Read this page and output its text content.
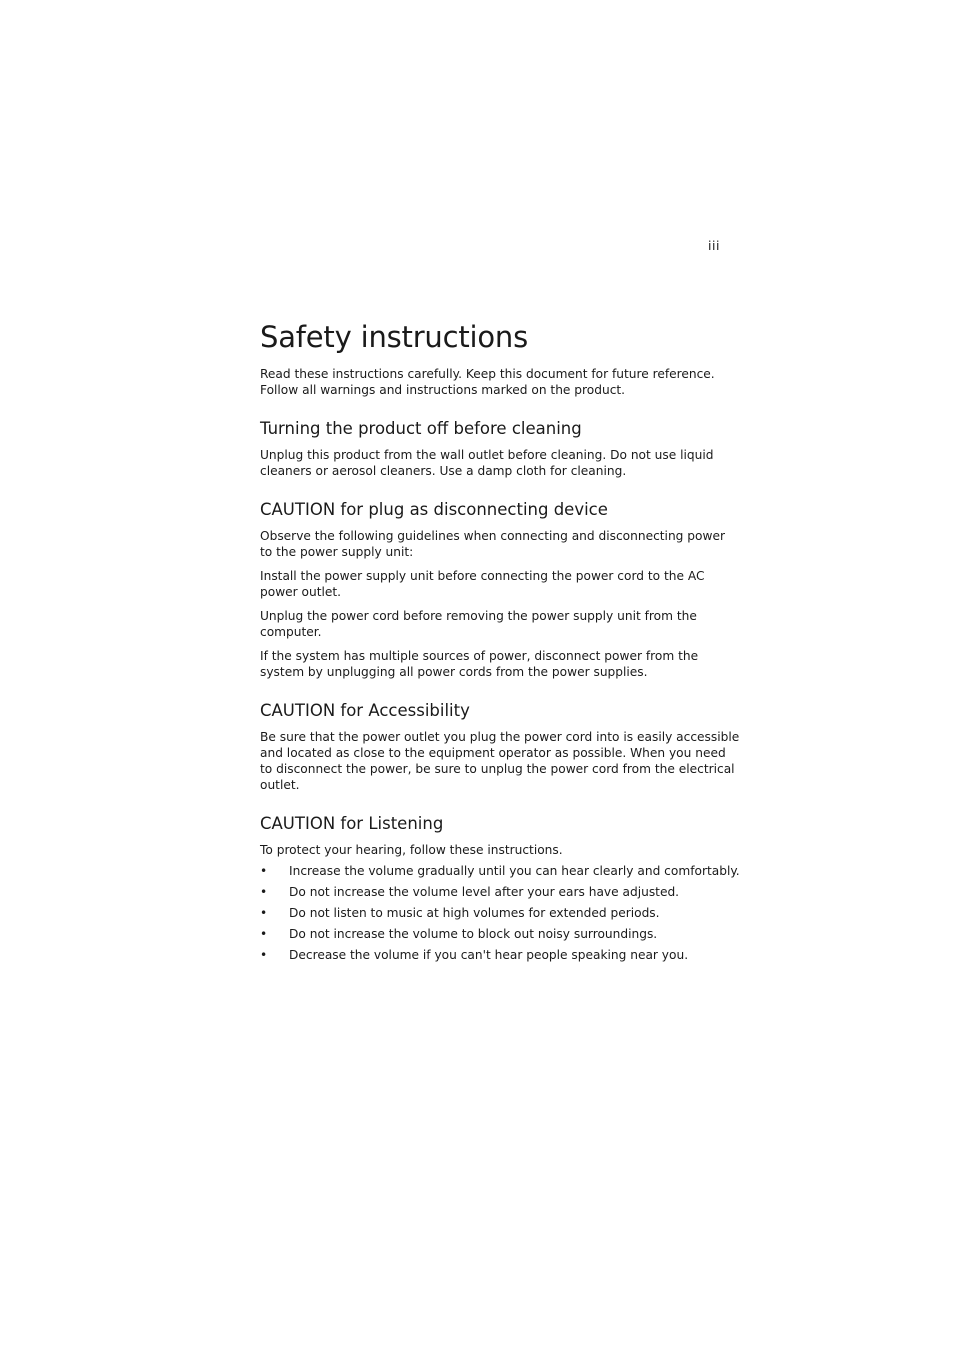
iii
Safety instructions

Read these instructions carefully. Keep this document for future reference.

Follow all warnings and instructions marked on the product.

Turning the product off before cleaning

Unplug this product from the wall outlet before cleaning. Do not use liquid cleaners or aerosol cleaners. Use a damp cloth for cleaning.

CAUTION for plug as disconnecting device

Observe the following guidelines when connecting and disconnecting power to the power supply unit:

Install the power supply unit before connecting the power cord to the AC power outlet.

Unplug the power cord before removing the power supply unit from the computer.

If the system has multiple sources of power, disconnect power from the system by unplugging all power cords from the power supplies.

CAUTION for Accessibility

Be sure that the power outlet you plug the power cord into is easily accessible and located as close to the equipment operator as possible. When you need to disconnect the power, be sure to unplug the power cord from the electrical outlet.

CAUTION for Listening

To protect your hearing, follow these instructions.

• Increase the volume gradually until you can hear clearly and comfortably.
• Do not increase the volume level after your ears have adjusted.
• Do not listen to music at high volumes for extended periods.
• Do not increase the volume to block out noisy surroundings.
• Decrease the volume if you can't hear people speaking near you.
